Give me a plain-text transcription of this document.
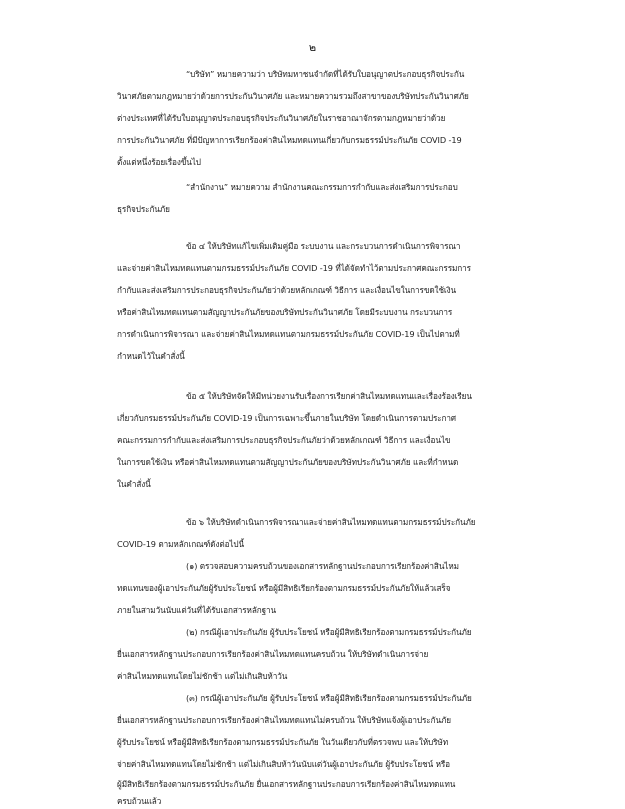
๒
“บริษัท” หมายความว่า บริษัทมหาชนจำกัดที่ได้รับใบอนุญาตประกอบธุรกิจประกัน
วินาศภัยตามกฎหมายว่าด้วยการประกันวินาศภัย และหมายความรวมถึงสาขาของบริษัทประกันวินาศภัย
ต่างประเทศที่ได้รับใบอนุญาตประกอบธุรกิจประกันวินาศภัยในราชอาณาจักรตามกฎหมายว่าด้วย
การประกันวินาศภัย ที่มีปัญหาการเรียกร้องค่าสินไหมทดแทนเกี่ยวกับกรมธรรม์ประกันภัย COVID -19
ตั้งแต่หนึ่งร้อยเรื่องขึ้นไป
“สำนักงาน” หมายความ สำนักงานคณะกรรมการกำกับและส่งเสริมการประกอบ
ธุรกิจประกันภัย
ข้อ ๔ ให้บริษัทแก้ไขเพิ่มเติมคู่มือ ระบบงาน และกระบวนการดำเนินการพิจารณา
และจ่ายค่าสินไหมทดแทนตามกรมธรรม์ประกันภัย COVID -19 ที่ได้จัดทำไว้ตามประกาศคณะกรรมการ
กำกับและส่งเสริมการประกอบธุรกิจประกันภัยว่าด้วยหลักเกณฑ์ วิธีการ และเงื่อนไขในการขดใช้เงิน
หรือค่าสินไหมทดแทนตามสัญญาประกันภัยของบริษัทประกันวินาศภัย โดยมีระบบงาน กระบวนการ
การดำเนินการพิจารณา และจ่ายค่าสินไหมทดแทนตามกรมธรรม์ประกันภัย COVID-19 เป็นไปตามที่
กำหนดไว้ในคำสั่งนี้
ข้อ ๕ ให้บริษัทจัดให้มีหน่วยงานรับเรื่องการเรียกค่าสินไหมทดแทนและเรื่องร้องเรียน
เกี่ยวกับกรมธรรม์ประกันภัย COVID-19 เป็นการเฉพาะขึ้นภายในบริษัท โดยดำเนินการตามประกาศ
คณะกรรมการกำกับและส่งเสริมการประกอบธุรกิจประกันภัยว่าด้วยหลักเกณฑ์ วิธีการ และเงื่อนไข
ในการขดใช้เงิน หรือค่าสินไหมทดแทนตามสัญญาประกันภัยของบริษัทประกันวินาศภัย และที่กำหนด
ในคำสั่งนี้
ข้อ ๖ ให้บริษัทดำเนินการพิจารณาและจ่ายค่าสินไหมทดแทนตามกรมธรรม์ประกันภัย
COVID-19 ตามหลักเกณฑ์ดังต่อไปนี้
(๑) ตรวจสอบความครบถ้วนของเอกสารหลักฐานประกอบการเรียกร้องค่าสินไหม
ทดแทนของผู้เอาประกันภัยผู้รับประโยชน์ หรือผู้มีสิทธิเรียกร้องตามกรมธรรม์ประกันภัยให้แล้วเสร็จ
ภายในสามวันนับแต่วันที่ได้รับเอกสารหลักฐาน
(๒) กรณีผู้เอาประกันภัย ผู้รับประโยชน์ หรือผู้มีสิทธิเรียกร้องตามกรมธรรม์ประกันภัย
ยื่นเอกสารหลักฐานประกอบการเรียกร้องค่าสินไหมทดแทนครบถ้วน ให้บริษัทดำเนินการจ่าย
ค่าสินไหมทดแทนโดยไม่ชักช้า แต่ไม่เกินสิบห้าวัน
(๓) กรณีผู้เอาประกันภัย ผู้รับประโยชน์ หรือผู้มีสิทธิเรียกร้องตามกรมธรรม์ประกันภัย
ยื่นเอกสารหลักฐานประกอบการเรียกร้องค่าสินไหมทดแทนไม่ครบถ้วน ให้บริษัทแจ้งผู้เอาประกันภัย
ผู้รับประโยชน์ หรือผู้มีสิทธิเรียกร้องตามกรมธรรม์ประกันภัย ในวันเดียวกับที่ตรวจพบ และให้บริษัท
จ่ายค่าสินไหมทดแทนโดยไม่ชักช้า แต่ไม่เกินสิบห้าวันนับแต่วันผู้เอาประกันภัย ผู้รับประโยชน์ หรือ
ผู้มีสิทธิเรียกร้องตามกรมธรรม์ประกันภัย ยื่นเอกสารหลักฐานประกอบการเรียกร้องค่าสินไหมทดแทน
ครบถ้วนแล้ว
